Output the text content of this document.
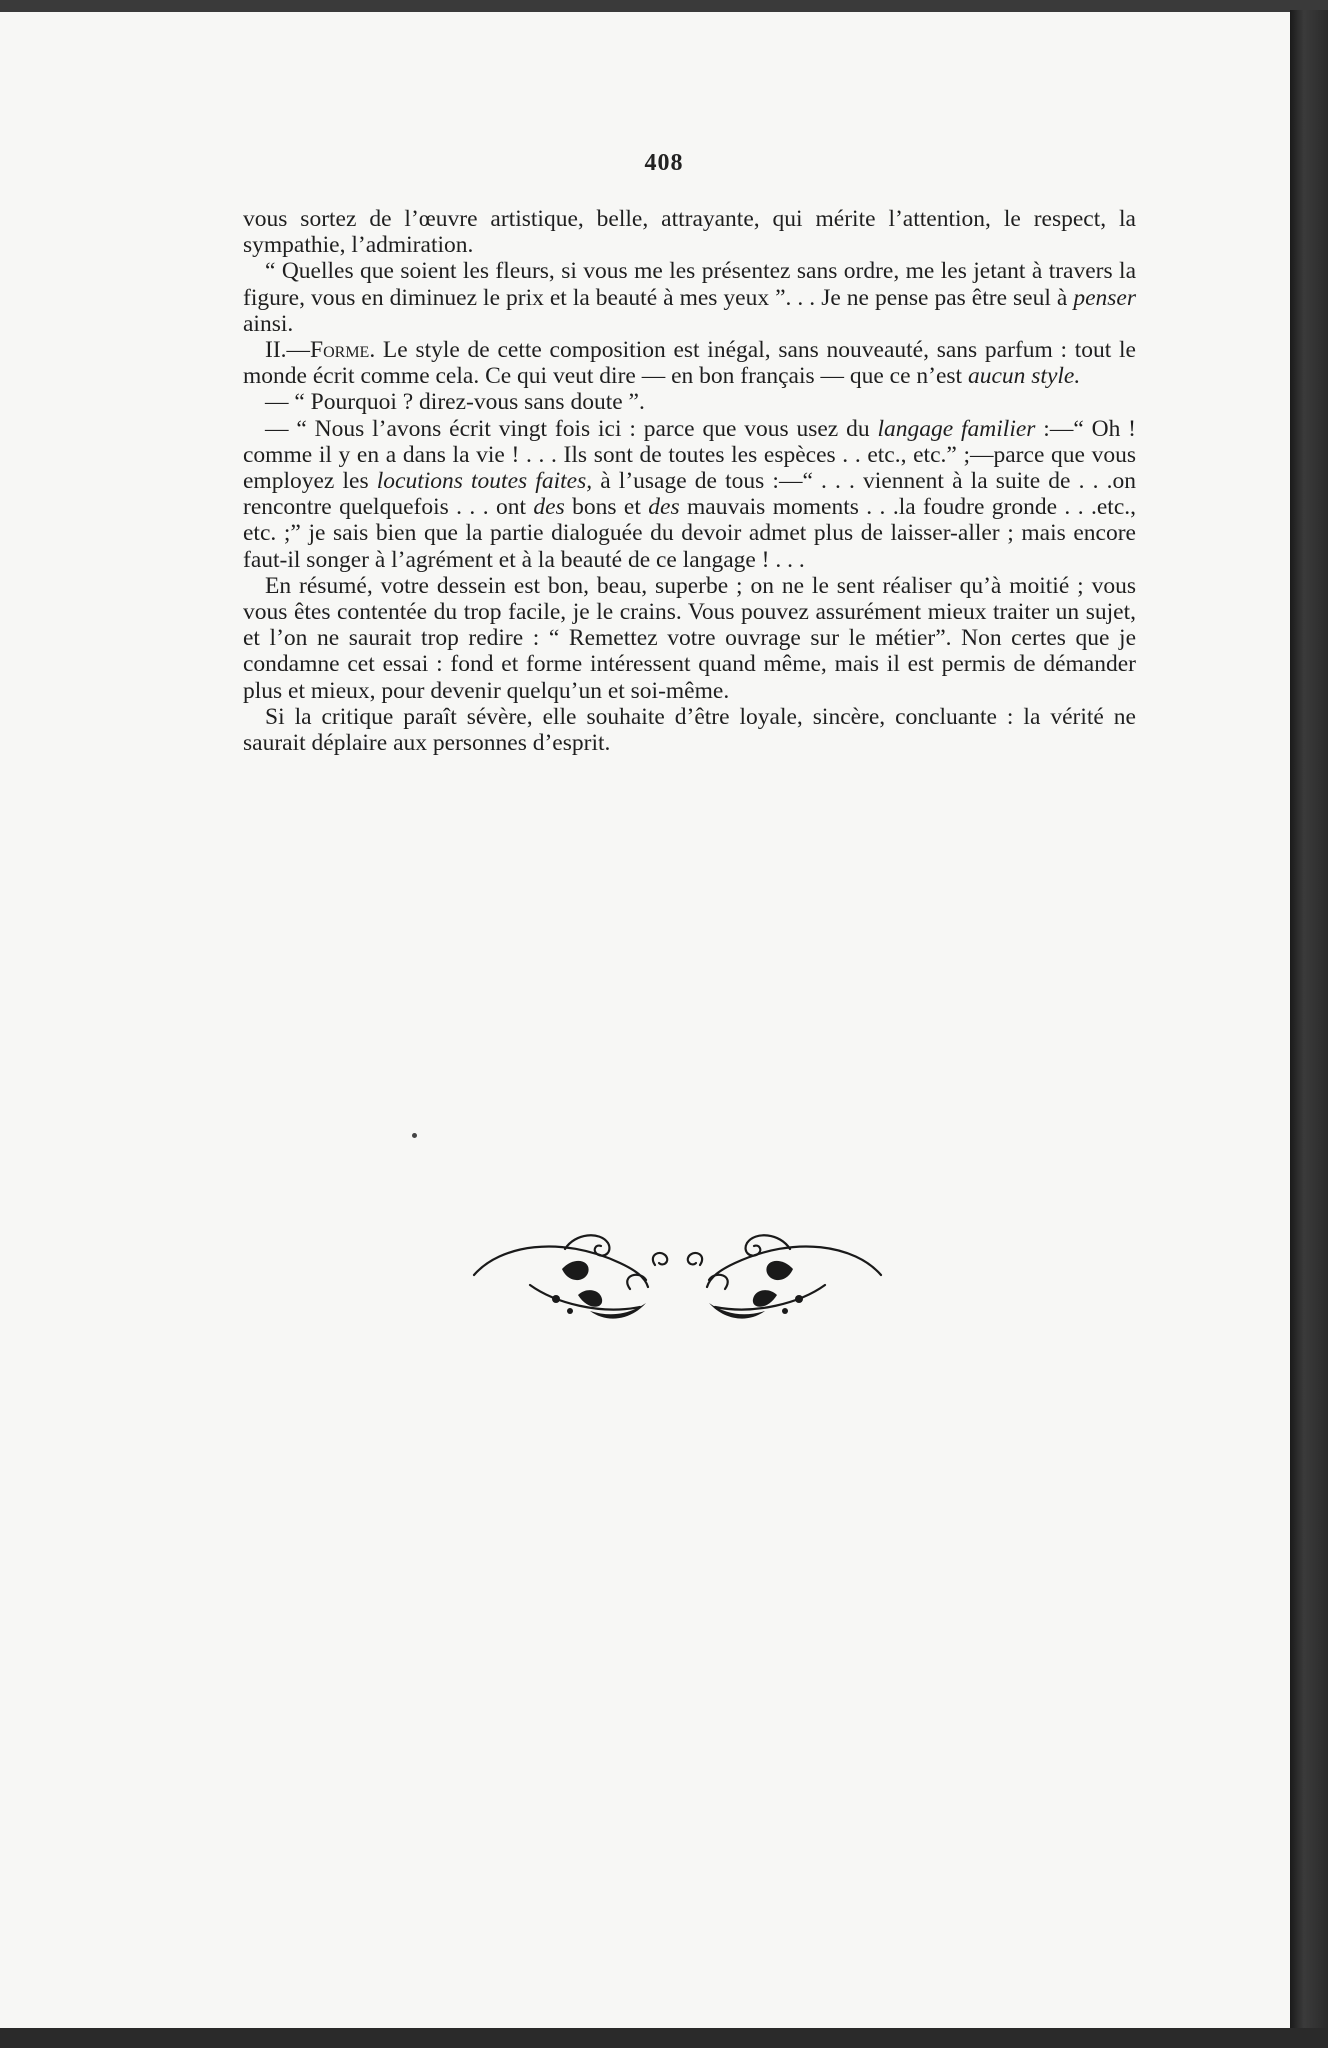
408

vous sortez de l’œuvre artistique, belle, attrayante, qui mérite l’attention, le respect, la sympathie, l’admiration.

“ Quelles que soient les fleurs, si vous me les présentez sans ordre, me les jetant à travers la figure, vous en diminuez le prix et la beauté à mes yeux ”. . . Je ne pense pas être seul à penser ainsi.

II.—Forme. Le style de cette composition est inégal, sans nouveauté, sans parfum : tout le monde écrit comme cela. Ce qui veut dire — en bon français — que ce n’est aucun style.

— “ Pourquoi ? direz-vous sans doute ”.

— “ Nous l’avons écrit vingt fois ici : parce que vous usez du langage familier :—“ Oh ! comme il y en a dans la vie ! . . . Ils sont de toutes les espèces . . etc., etc.” ;—parce que vous employez les locutions toutes faites, à l’usage de tous :—“ . . . viennent à la suite de . . .on rencontre quelquefois . . . ont des bons et des mauvais moments . . .la foudre gronde . . .etc., etc. ;” je sais bien que la partie dialoguée du devoir admet plus de laisser-aller ; mais encore faut-il songer à l’agrément et à la beauté de ce langage ! . . .

En résumé, votre dessein est bon, beau, superbe ; on ne le sent réaliser qu’à moitié ; vous vous êtes contentée du trop facile, je le crains. Vous pouvez assurément mieux traiter un sujet, et l’on ne saurait trop redire : “ Remettez votre ouvrage sur le métier”. Non certes que je condamne cet essai : fond et forme intéressent quand même, mais il est permis de démander plus et mieux, pour devenir quelqu’un et soi-même.

Si la critique paraît sévère, elle souhaite d’être loyale, sincère, concluante : la vérité ne saurait déplaire aux personnes d’esprit.
